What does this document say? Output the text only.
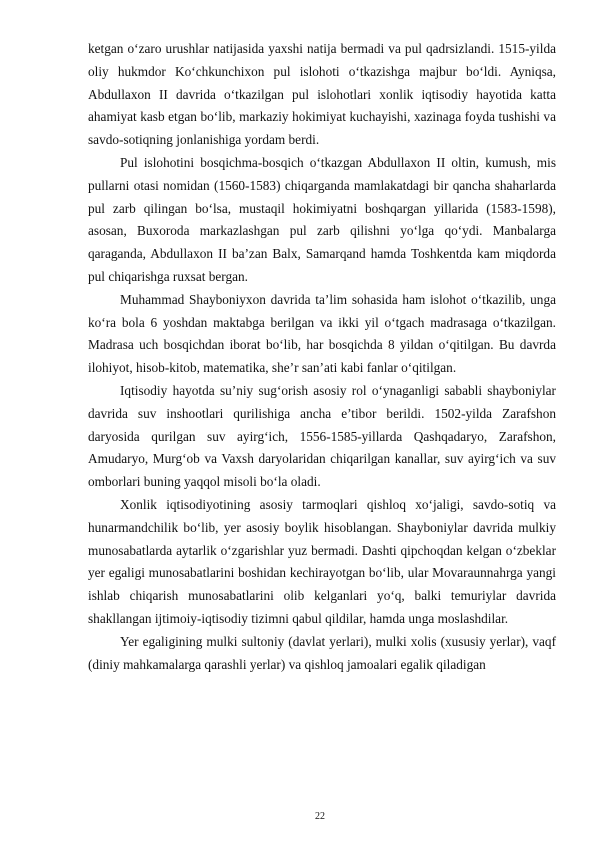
ketgan o‘zaro urushlar natijasida yaxshi natija bermadi va pul qadrsizlandi. 1515-yilda oliy hukmdor Ko‘chkunchixon pul islohoti o‘tkazishga majbur bo‘ldi. Ayniqsa, Abdullaxon II davrida o‘tkazilgan pul islohotlari xonlik iqtisodiy hayotida katta ahamiyat kasb etgan bo‘lib, markaziy hokimiyat kuchayishi, xazinaga foyda tushishi va savdo-sotiqning jonlanishiga yordam berdi.

Pul islohotini bosqichma-bosqich o‘tkazgan Abdullaxon II oltin, kumush, mis pullarni otasi nomidan (1560-1583) chiqarganda mamlakatdagi bir qancha shaharlarda pul zarb qilingan bo‘lsa, mustaqil hokimiyatni boshqargan yillarida (1583-1598), asosan, Buxoroda markazlashgan pul zarb qilishni yo‘lga qo‘ydi. Manbalarga qaraganda, Abdullaxon II ba’zan Balx, Samarqand hamda Toshkentda kam miqdorda pul chiqarishga ruxsat bergan.

Muhammad Shayboniyxon davrida ta’lim sohasida ham islohot o‘tkazilib, unga ko‘ra bola 6 yoshdan maktabga berilgan va ikki yil o‘tgach madrasaga o‘tkazilgan. Madrasa uch bosqichdan iborat bo‘lib, har bosqichda 8 yildan o‘qitilgan. Bu davrda ilohiyot, hisob-kitob, matematika, she’r san’ati kabi fanlar o‘qitilgan.

Iqtisodiy hayotda su’niy sug‘orish asosiy rol o‘ynaganligi sababli shayboniylar davrida suv inshootlari qurilishiga ancha e’tibor berildi. 1502-yilda Zarafshon daryosida qurilgan suv ayirg‘ich, 1556-1585-yillarda Qashqadaryo, Zarafshon, Amudaryo, Murg‘ob va Vaxsh daryolaridan chiqarilgan kanallar, suv ayirg‘ich va suv omborlari buning yaqqol misoli bo‘la oladi.

Xonlik iqtisodiyotining asosiy tarmoqlari qishloq xo‘jaligi, savdo-sotiq va hunarmandchilik bo‘lib, yer asosiy boylik hisoblangan. Shayboniylar davrida mulkiy munosabatlarda aytarlik o‘zgarishlar yuz bermadi. Dashti qipchoqdan kelgan o‘zbeklar yer egaligi munosabatlarini boshidan kechirayotgan bo‘lib, ular Movaraunnahrga yangi ishlab chiqarish munosabatlarini olib kelganlari yo‘q, balki temuriylar davrida shakllangan ijtimoiy-iqtisodiy tizimni qabul qildilar, hamda unga moslashdilar.

Yer egaligining mulki sultoniy (davlat yerlari), mulki xolis (xususiy yerlar), vaqf (diniy mahkamalarga qarashli yerlar) va qishloq jamoalari egalik qiladigan

22
